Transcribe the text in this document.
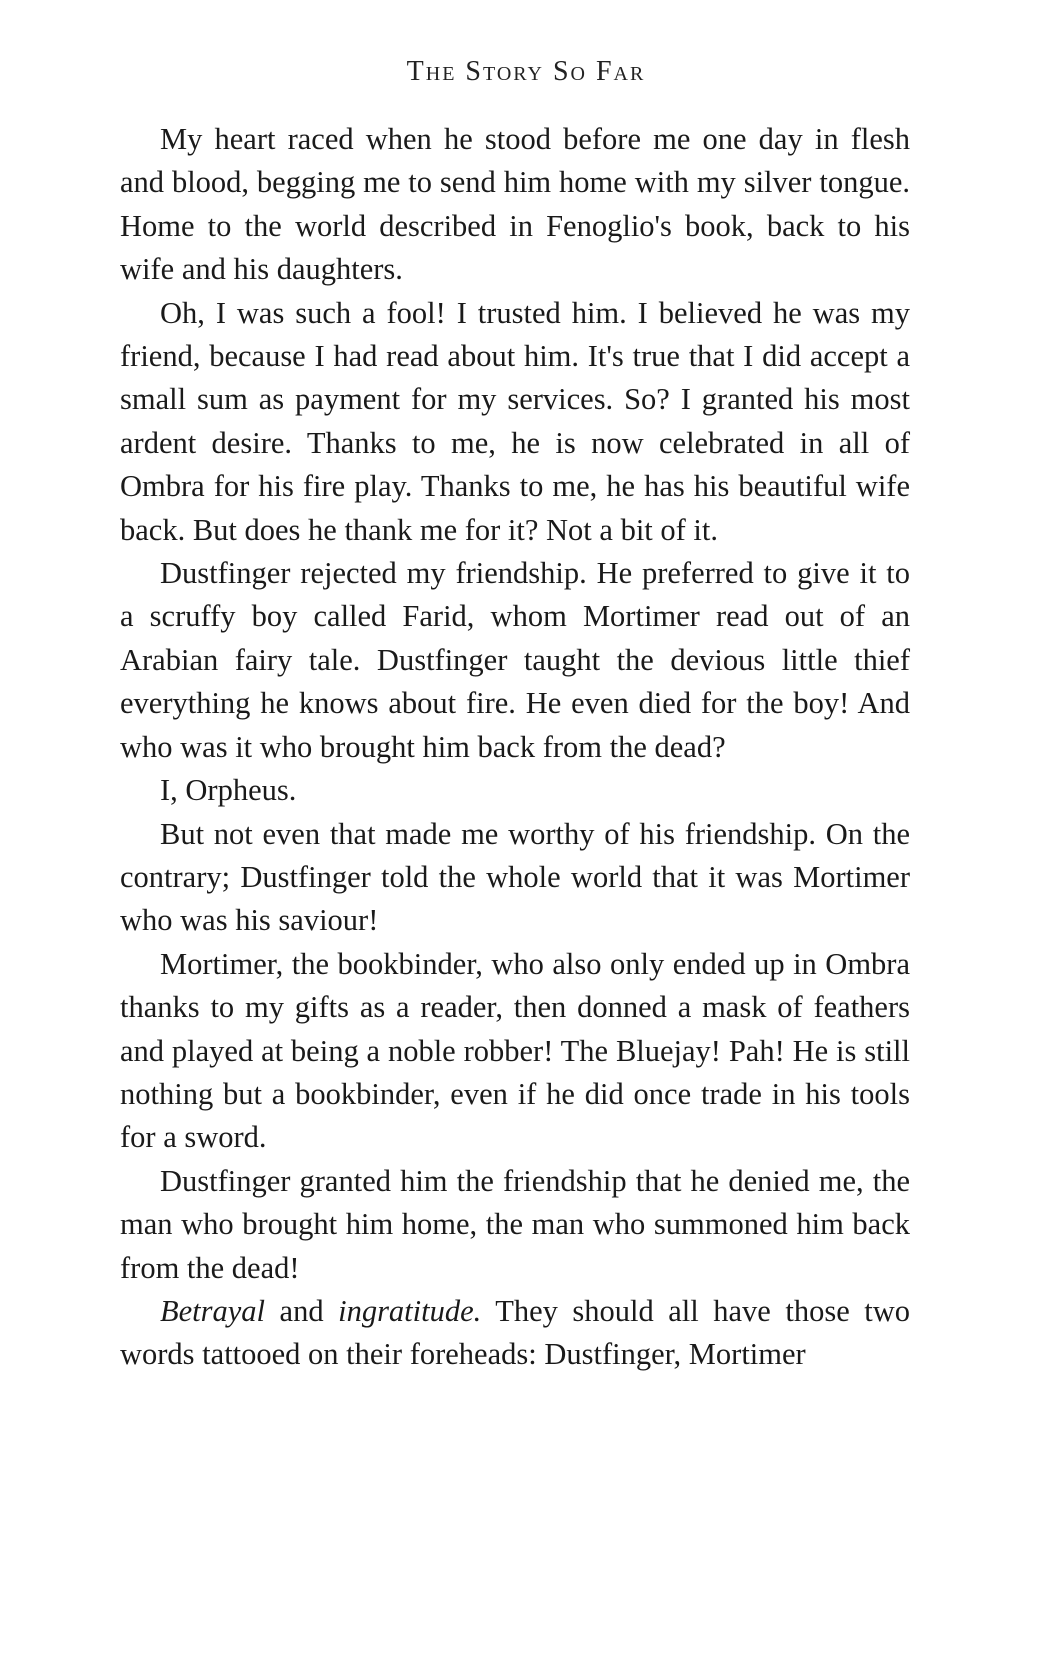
The Story So Far

My heart raced when he stood before me one day in flesh and blood, begging me to send him home with my silver tongue. Home to the world described in Fenoglio's book, back to his wife and his daughters.

Oh, I was such a fool! I trusted him. I believed he was my friend, because I had read about him. It's true that I did accept a small sum as payment for my services. So? I granted his most ardent desire. Thanks to me, he is now celebrated in all of Ombra for his fire play. Thanks to me, he has his beautiful wife back. But does he thank me for it? Not a bit of it.

Dustfinger rejected my friendship. He preferred to give it to a scruffy boy called Farid, whom Mortimer read out of an Arabian fairy tale. Dustfinger taught the devious little thief everything he knows about fire. He even died for the boy! And who was it who brought him back from the dead?

I, Orpheus.

But not even that made me worthy of his friendship. On the contrary; Dustfinger told the whole world that it was Mortimer who was his saviour!

Mortimer, the bookbinder, who also only ended up in Ombra thanks to my gifts as a reader, then donned a mask of feathers and played at being a noble robber! The Bluejay! Pah! He is still nothing but a bookbinder, even if he did once trade in his tools for a sword.

Dustfinger granted him the friendship that he denied me, the man who brought him home, the man who summoned him back from the dead!

Betrayal and ingratitude. They should all have those two words tattooed on their foreheads: Dustfinger, Mortimer
